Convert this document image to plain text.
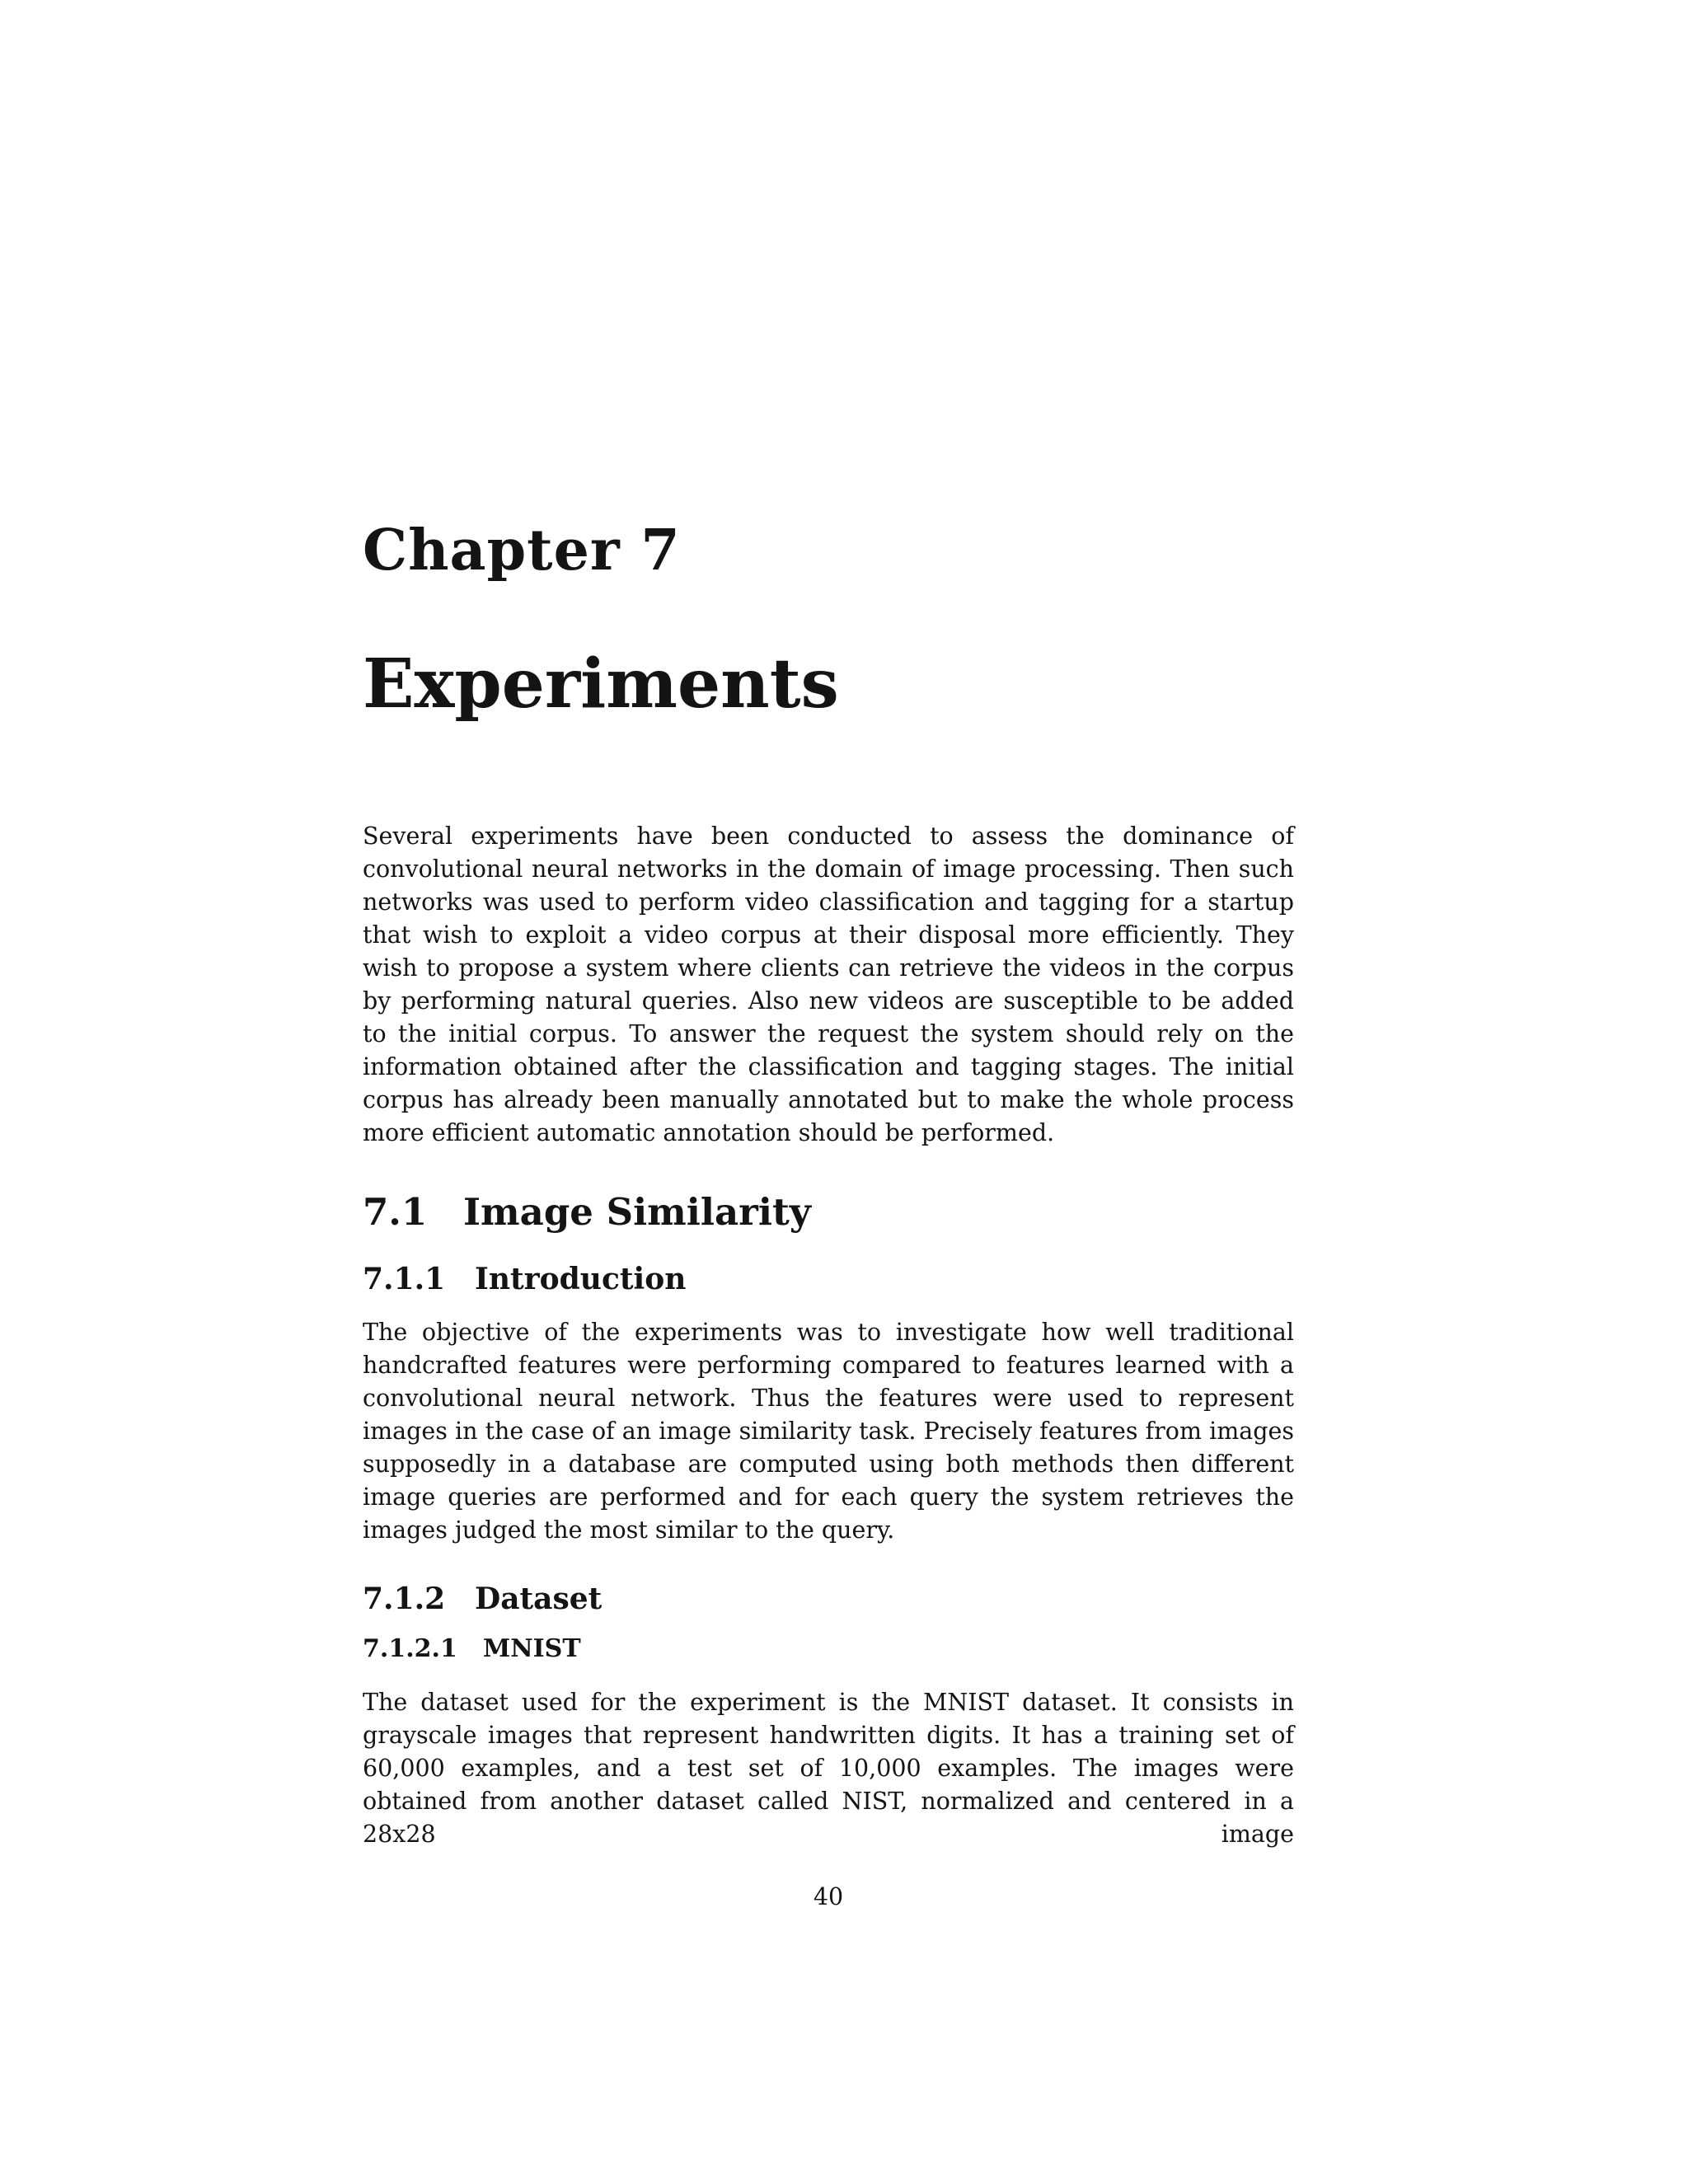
Chapter 7
Experiments

Several experiments have been conducted to assess the dominance of convolutional neural networks in the domain of image processing. Then such networks was used to perform video classification and tagging for a startup that wish to exploit a video corpus at their disposal more efficiently. They wish to propose a system where clients can retrieve the videos in the corpus by performing natural queries. Also new videos are susceptible to be added to the initial corpus. To answer the request the system should rely on the information obtained after the classification and tagging stages. The initial corpus has already been manually annotated but to make the whole process more efficient automatic annotation should be performed.

7.1 Image Similarity
7.1.1 Introduction

The objective of the experiments was to investigate how well traditional handcrafted features were performing compared to features learned with a convolutional neural network. Thus the features were used to represent images in the case of an image similarity task. Precisely features from images supposedly in a database are computed using both methods then different image queries are performed and for each query the system retrieves the images judged the most similar to the query.

7.1.2 Dataset
7.1.2.1 MNIST

The dataset used for the experiment is the MNIST dataset. It consists in grayscale images that represent handwritten digits. It has a training set of 60,000 examples, and a test set of 10,000 examples. The images were obtained from another dataset called NIST, normalized and centered in a 28x28 image

40
